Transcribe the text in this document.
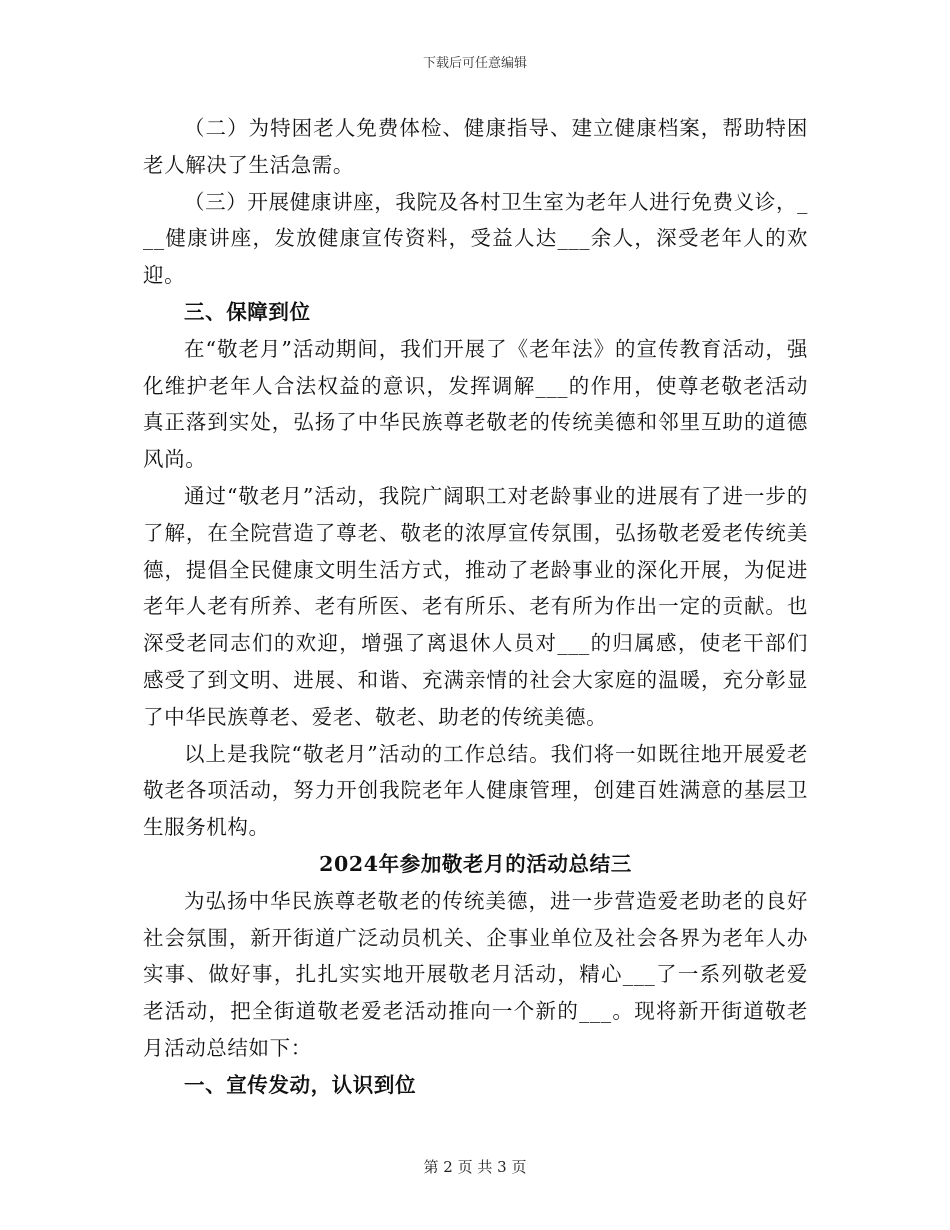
下载后可任意编辑

（二）为特困老人免费体检、健康指导、建立健康档案，帮助特困老人解决了生活急需。

（三）开展健康讲座，我院及各村卫生室为老年人进行免费义诊，___健康讲座，发放健康宣传资料，受益人达___余人，深受老年人的欢迎。

三、保障到位

在“敬老月”活动期间，我们开展了《老年法》的宣传教育活动，强化维护老年人合法权益的意识，发挥调解___的作用，使尊老敬老活动真正落到实处，弘扬了中华民族尊老敬老的传统美德和邻里互助的道德风尚。

通过“敬老月”活动，我院广阔职工对老龄事业的进展有了进一步的了解，在全院营造了尊老、敬老的浓厚宣传氛围，弘扬敬老爱老传统美德，提倡全民健康文明生活方式，推动了老龄事业的深化开展，为促进老年人老有所养、老有所医、老有所乐、老有所为作出一定的贡献。也深受老同志们的欢迎，增强了离退休人员对___的归属感，使老干部们感受了到文明、进展、和谐、充满亲情的社会大家庭的温暖，充分彰显了中华民族尊老、爱老、敬老、助老的传统美德。

以上是我院“敬老月”活动的工作总结。我们将一如既往地开展爱老敬老各项活动，努力开创我院老年人健康管理，创建百姓满意的基层卫生服务机构。

2024年参加敬老月的活动总结三

为弘扬中华民族尊老敬老的传统美德，进一步营造爱老助老的良好社会氛围，新开街道广泛动员机关、企事业单位及社会各界为老年人办实事、做好事，扎扎实实地开展敬老月活动，精心___了一系列敬老爱老活动，把全街道敬老爱老活动推向一个新的___。现将新开街道敬老月活动总结如下：

一、宣传发动，认识到位

第 2 页 共 3 页
